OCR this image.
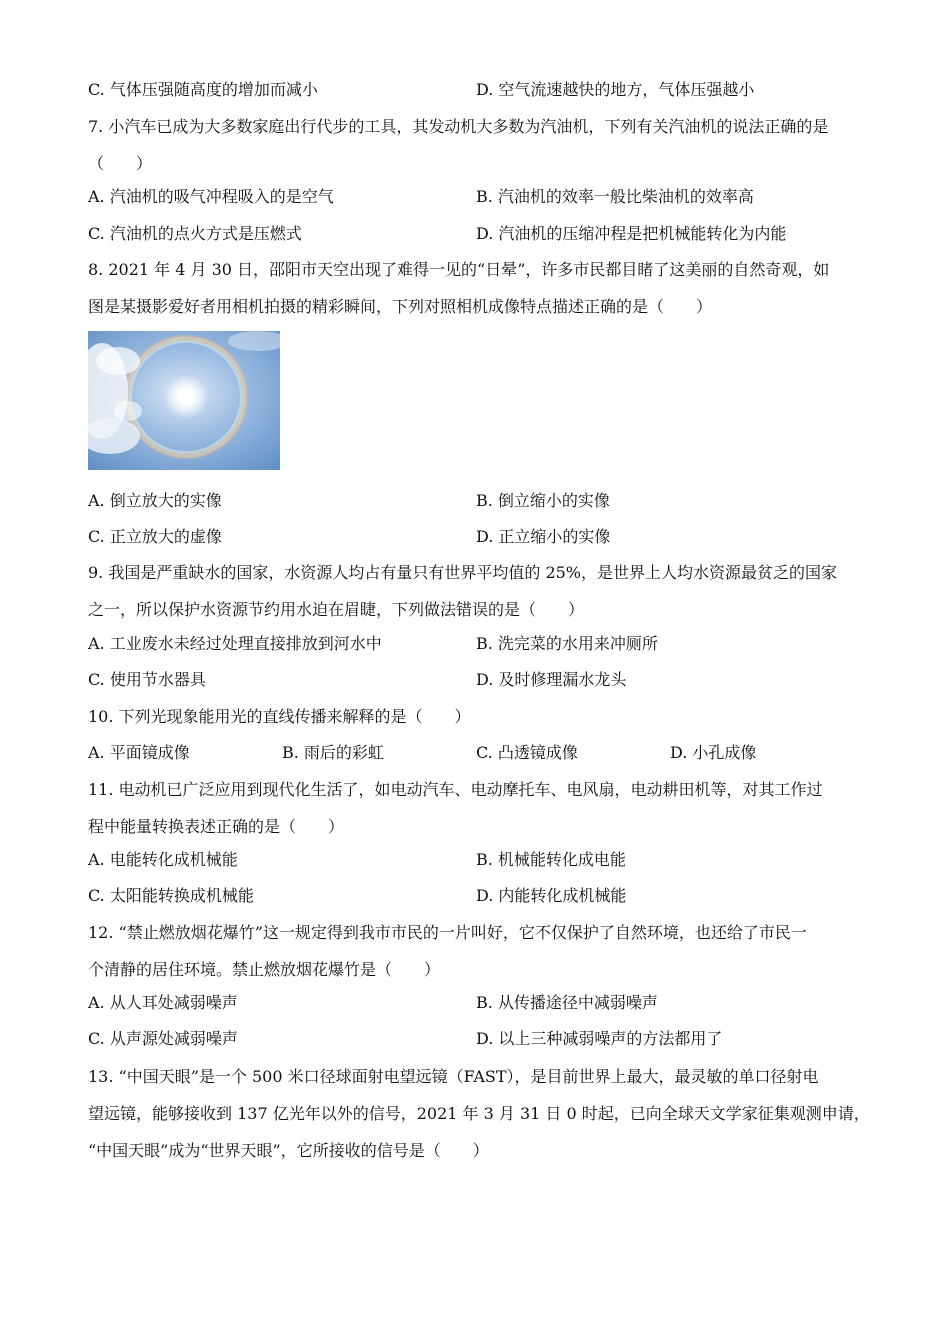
C. 气体压强随高度的增加而减小	D. 空气流速越快的地方，气体压强越小
7. 小汽车已成为大多数家庭出行代步的工具，其发动机大多数为汽油机，下列有关汽油机的说法正确的是
（　　）
A. 汽油机的吸气冲程吸入的是空气	B. 汽油机的效率一般比柴油机的效率高
C. 汽油机的点火方式是压燃式	D. 汽油机的压缩冲程是把机械能转化为内能
8. 2021 年 4 月 30 日，邵阳市天空出现了难得一见的“日晕”，许多市民都目睹了这美丽的自然奇观，如
图是某摄影爱好者用相机拍摄的精彩瞬间，下列对照相机成像特点描述正确的是（　　）
A. 倒立放大的实像	B. 倒立缩小的实像
C. 正立放大的虚像	D. 正立缩小的实像
9. 我国是严重缺水的国家，水资源人均占有量只有世界平均值的 25%，是世界上人均水资源最贫乏的国家
之一，所以保护水资源节约用水迫在眉睫，下列做法错误的是（　　）
A. 工业废水未经过处理直接排放到河水中	B. 洗完菜的水用来冲厕所
C. 使用节水器具	D. 及时修理漏水龙头
10. 下列光现象能用光的直线传播来解释的是（　　）
A. 平面镜成像	B. 雨后的彩虹	C. 凸透镜成像	D. 小孔成像
11. 电动机已广泛应用到现代化生活了，如电动汽车、电动摩托车、电风扇，电动耕田机等，对其工作过
程中能量转换表述正确的是（　　）
A. 电能转化成机械能	B. 机械能转化成电能
C. 太阳能转换成机械能	D. 内能转化成机械能
12. “禁止燃放烟花爆竹”这一规定得到我市市民的一片叫好，它不仅保护了自然环境，也还给了市民一
个清静的居住环境。禁止燃放烟花爆竹是（　　）
A. 从人耳处减弱噪声	B. 从传播途径中减弱噪声
C. 从声源处减弱噪声	D. 以上三种减弱噪声的方法都用了
13. “中国天眼”是一个 500 米口径球面射电望远镜（FAST），是目前世界上最大，最灵敏的单口径射电
望远镜，能够接收到 137 亿光年以外的信号，2021 年 3 月 31 日 0 时起，已向全球天文学家征集观测申请，
“中国天眼”成为“世界天眼”，它所接收的信号是（　　）
